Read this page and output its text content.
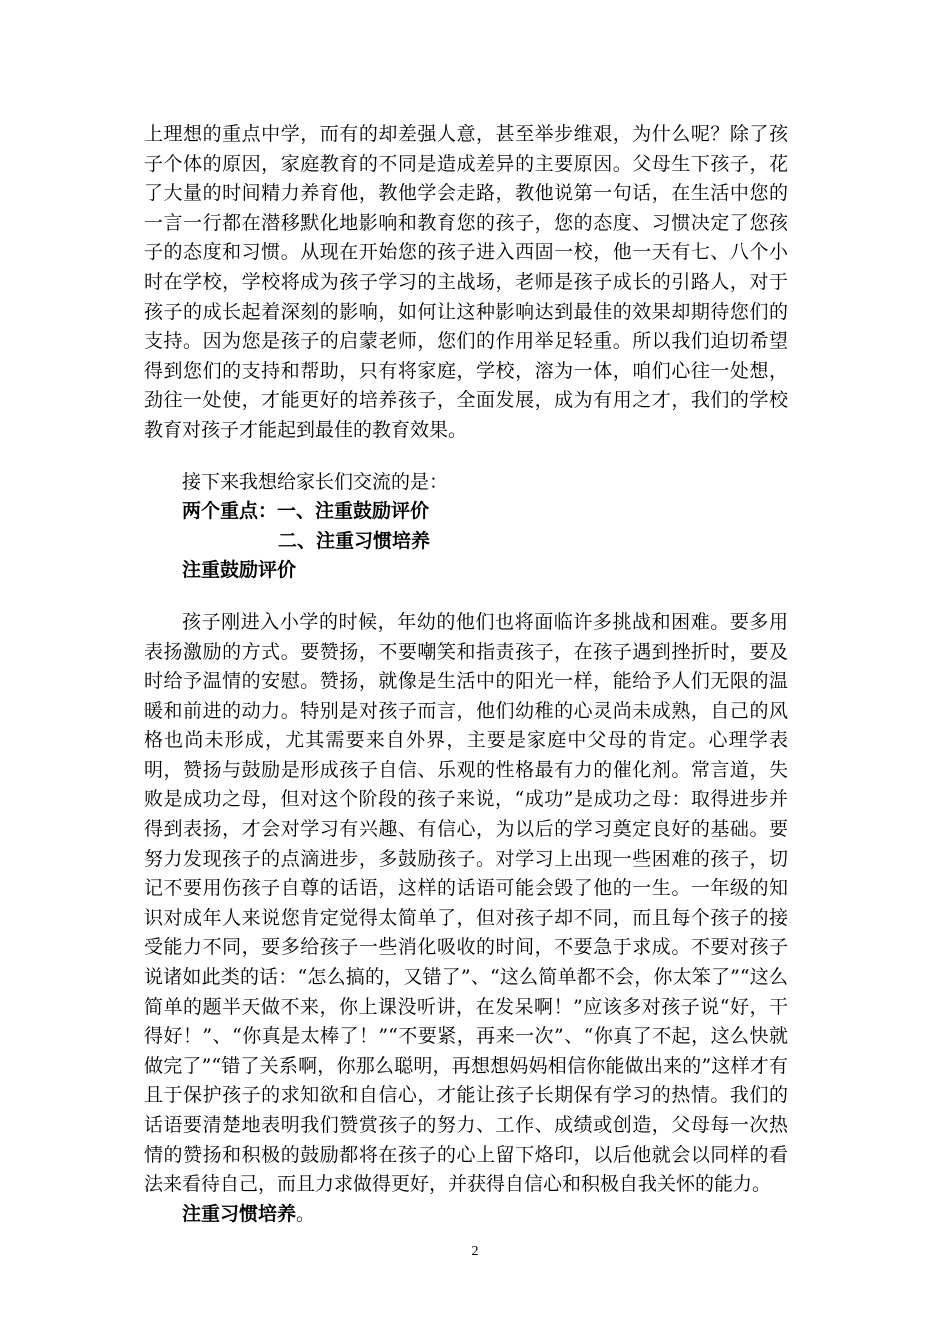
上理想的重点中学，而有的却差强人意，甚至举步维艰，为什么呢？除了孩子个体的原因，家庭教育的不同是造成差异的主要原因。父母生下孩子，花了大量的时间精力养育他，教他学会走路，教他说第一句话，在生活中您的一言一行都在潜移默化地影响和教育您的孩子，您的态度、习惯决定了您孩子的态度和习惯。从现在开始您的孩子进入西固一校，他一天有七、八个小时在学校，学校将成为孩子学习的主战场，老师是孩子成长的引路人，对于孩子的成长起着深刻的影响，如何让这种影响达到最佳的效果却期待您们的支持。因为您是孩子的启蒙老师，您们的作用举足轻重。所以我们迫切希望得到您们的支持和帮助，只有将家庭，学校，溶为一体，咱们心往一处想，劲往一处使，才能更好的培养孩子，全面发展，成为有用之才，我们的学校教育对孩子才能起到最佳的教育效果。

接下来我想给家长们交流的是：

两个重点：一、注重鼓励评价

二、注重习惯培养

注重鼓励评价

孩子刚进入小学的时候，年幼的他们也将面临许多挑战和困难。要多用表扬激励的方式。要赞扬，不要嘲笑和指责孩子，在孩子遇到挫折时，要及时给予温情的安慰。赞扬，就像是生活中的阳光一样，能给予人们无限的温暖和前进的动力。特别是对孩子而言，他们幼稚的心灵尚未成熟，自己的风格也尚未形成，尤其需要来自外界，主要是家庭中父母的肯定。心理学表明，赞扬与鼓励是形成孩子自信、乐观的性格最有力的催化剂。常言道，失败是成功之母，但对这个阶段的孩子来说，“成功”是成功之母：取得进步并得到表扬，才会对学习有兴趣、有信心，为以后的学习奠定良好的基础。要努力发现孩子的点滴进步，多鼓励孩子。对学习上出现一些困难的孩子，切记不要用伤孩子自尊的话语，这样的话语可能会毁了他的一生。一年级的知识对成年人来说您肯定觉得太简单了，但对孩子却不同，而且每个孩子的接受能力不同，要多给孩子一些消化吸收的时间，不要急于求成。不要对孩子说诸如此类的话：“怎么搞的，又错了”、“这么简单都不会，你太笨了”“这么简单的题半天做不来，你上课没听讲，在发呆啊！”应该多对孩子说“好，干得好！”、“你真是太棒了！”“不要紧，再来一次”、“你真了不起，这么快就做完了”“错了关系啊，你那么聪明，再想想妈妈相信你能做出来的”这样才有且于保护孩子的求知欲和自信心，才能让孩子长期保有学习的热情。我们的话语要清楚地表明我们赞赏孩子的努力、工作、成绩或创造，父母每一次热情的赞扬和积极的鼓励都将在孩子的心上留下烙印，以后他就会以同样的看法来看待自己，而且力求做得更好，并获得自信心和积极自我关怀的能力。

注重习惯培养。

2
